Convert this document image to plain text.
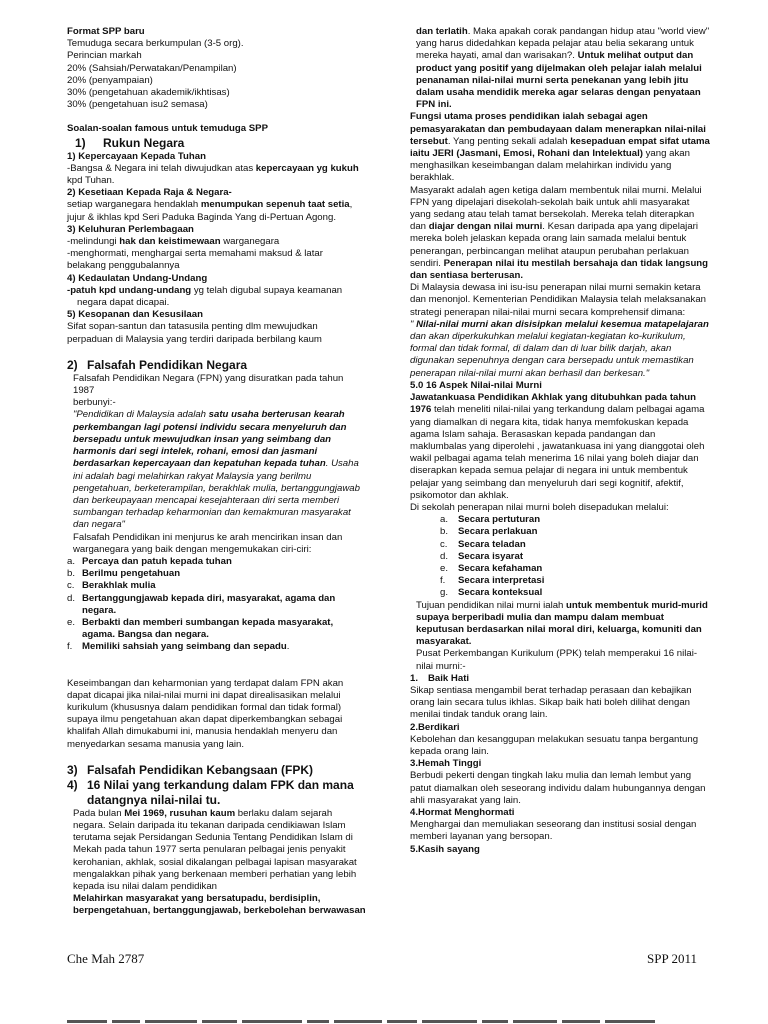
Format SPP baru

Temuduga secara berkumpulan (3-5 org).

Perincian markah

20% (Sahsiah/Perwatakan/Penampilan)

20% (penyampaian)

30% (pengetahuan akademik/ikhtisas)

30% (pengetahuan isu2 semasa)

Soalan-soalan famous untuk temuduga SPP

1) Rukun Negara

1) Kepercayaan Kepada Tuhan

-Bangsa & Negara ini telah diwujudkan atas kepercayaan yg kukuh

kpd Tuhan.

2) Kesetiaan Kepada Raja & Negara-

setiap warganegara hendaklah menumpukan sepenuh taat setia,

jujur & ikhlas kpd Seri Paduka Baginda Yang di-Pertuan Agong.

3) Keluhuran Perlembagaan

-melindungi hak dan keistimewaan warganegara

-menghormati, menghargai serta memahami maksud & latar

belakang penggubalannya

4) Kedaulatan Undang-Undang

-patuh kpd undang-undang yg telah digubal supaya keamanan

negara dapat dicapai.

5) Kesopanan dan Kesusilaan

Sifat sopan-santun dan tatasusila penting dlm mewujudkan

perpaduan di Malaysia yang terdiri daripada berbilang kaum

2) Falsafah Pendidikan Negara

Falsafah Pendidikan Negara (FPN) yang disuratkan pada tahun 1987

berbunyi:-

"Pendidikan di Malaysia adalah satu usaha berterusan kearah perkembangan lagi potensi individu secara menyeluruh dan bersepadu untuk mewujudkan insan yang seimbang dan harmonis dari segi intelek, rohani, emosi dan jasmani berdasarkan kepercayaan dan kepatuhan kepada tuhan. Usaha ini adalah bagi melahirkan rakyat Malaysia yang berilmu pengetahuan, berketerampilan, berakhlak mulia, bertanggungjawab dan berkeupayaan mencapai kesejahteraan diri serta memberi sumbangan terhadap keharmonian dan kemakmuran masyarakat dan negara"

Falsafah Pendidikan ini menjurus ke arah mencirikan insan dan

warganegara yang baik dengan mengemukakan ciri-ciri:

a. Percaya dan patuh kepada tuhan
b. Berilmu pengetahuan
c. Berakhlak mulia
d. Bertanggungjawab kepada diri, masyarakat, agama dan negara.
e. Berbakti dan memberi sumbangan kepada masyarakat, agama. Bangsa dan negara.
f.	Memiliki sahsiah yang seimbang dan sepadu.

Keseimbangan dan keharmonian yang terdapat dalam FPN akan dapat dicapai jika nilai-nilai murni ini dapat direalisasikan melalui kurikulum (khususnya dalam pendidikan formal dan tidak formal) supaya ilmu pengetahuan akan dapat diperkembangkan sebagai khalifah Allah dimukabumi ini, manusia hendaklah menyeru dan menyedarkan sesama manusia yang lain.

3) Falsafah Pendidikan Kebangsaan (FPK)

4) 16 Nilai yang terkandung dalam FPK dan mana

datangnya nilai-nilai tu.

Pada bulan Mei 1969, rusuhan kaum berlaku dalam sejarah negara. Selain daripada itu tekanan daripada cendikiawan Islam terutama sejak Persidangan Sedunia Tentang Pendidikan Islam di Mekah pada tahun 1977 serta penularan pelbagai jenis penyakit kerohanian, akhlak, sosial dikalangan pelbagai lapisan masyarakat mengalakkan pihak yang berkenaan memberi perhatian yang lebih kepada isu nilai dalam pendidikan

Melahirkan masyarakat yang bersatupadu, berdisiplin, berpengetahuan, bertanggungjawab, berkebolehan berwawasan

dan terlatih. Maka apakah corak pandangan hidup atau "world view" yang harus didedahkan kepada pelajar atau belia sekarang untuk mereka hayati, amal dan warisakan?. Untuk melihat output dan product yang positif yang dijelmakan oleh pelajar ialah melalui penanaman nilai-nilai murni serta penekanan yang lebih jitu dalam usaha mendidik mereka agar selaras dengan penyataan FPN ini.

Fungsi utama proses pendidikan ialah sebagai agen pemasyarakatan dan pembudayaan dalam menerapkan nilai-nilai tersebut. Yang penting sekali adalah kesepaduan empat sifat utama iaitu JERI (Jasmani, Emosi, Rohani dan Intelektual) yang akan menghasilkan keseimbangan dalam melahirkan individu yang berakhlak.

Masyarakt adalah agen ketiga dalam membentuk nilai murni. Melalui FPN yang dipelajari disekolah-sekolah baik untuk ahli masyarakat yang sedang atau telah tamat bersekolah. Mereka telah diterapkan dan diajar dengan nilai murni. Kesan daripada apa yang dipelajari mereka boleh jelaskan kepada orang lain samada melalui bentuk penerangan, perbincangan melihat ataupun perubahan perlakuan sendiri. Penerapan nilai itu mestilah bersahaja dan tidak langsung dan sentiasa berterusan.

Di Malaysia dewasa ini isu-isu penerapan nilai murni semakin ketara dan menonjol. Kementerian Pendidikan Malaysia telah melaksanakan strategi penerapan nilai-nilai murni secara komprehensif dimana:

" Nilai-nilai murni akan disisipkan melalui kesemua matapelajaran dan akan diperkukuhkan melalui kegiatan-kegiatan ko-kurikulum, formal dan tidak formal, di dalam dan di luar bilik darjah, akan digunakan sepenuhnya dengan cara bersepadu untuk memastikan penerapan nilai-nilai murni akan berhasil dan berkesan."

5.0 16 Aspek Nilai-nilai Murni

Jawatankuasa Pendidikan Akhlak yang ditubuhkan pada tahun 1976 telah meneliti nilai-nilai yang terkandung dalam pelbagai agama yang diamalkan di negara kita, tidak hanya memfokuskan kepada agama Islam sahaja. Berasaskan kepada pandangan dan maklumbalas yang diperolehi , jawatankuasa ini yang dianggotai oleh wakil pelbagai agama telah menerima 16 nilai yang boleh diajar dan diserapkan kepada semua pelajar di negara ini untuk membentuk pelajar yang seimbang dan menyeluruh dari segi kognitif, afektif, psikomotor dan akhlak.

Di sekolah penerapan nilai murni boleh disepadukan melalui:

a.	Secara pertuturan
b.	Secara perlakuan
c.	Secara teladan
d.	Secara isyarat
e.	Secara kefahaman
f.	Secara interpretasi
g.	Secara konteksual

Tujuan pendidikan nilai murni ialah untuk membentuk murid-murid supaya berperibadi mulia dan mampu dalam membuat keputusan berdasarkan nilai moral diri, keluarga, komuniti dan masyarakat.

Pusat Perkembangan Kurikulum (PPK) telah memperakui 16 nilai-nilai murni:-

1. Baik Hati

Sikap sentiasa mengambil berat terhadap perasaan dan kebajikan orang lain secara tulus ikhlas. Sikap baik hati boleh dilihat dengan menilai tindak tanduk orang lain.

2.Berdikari

Kebolehan dan kesanggupan melakukan sesuatu tanpa bergantung kepada orang lain.

3.Hemah Tinggi

Berbudi pekerti dengan tingkah laku mulia dan lemah lembut yang patut diamalkan oleh seseorang individu dalam hubungannya dengan ahli masyarakat yang lain.

4.Hormat Menghormati

Menghargai dan memuliakan seseorang dan institusi sosial dengan memberi layanan yang bersopan.

5.Kasih sayang

Che Mah 2787	SPP 2011
